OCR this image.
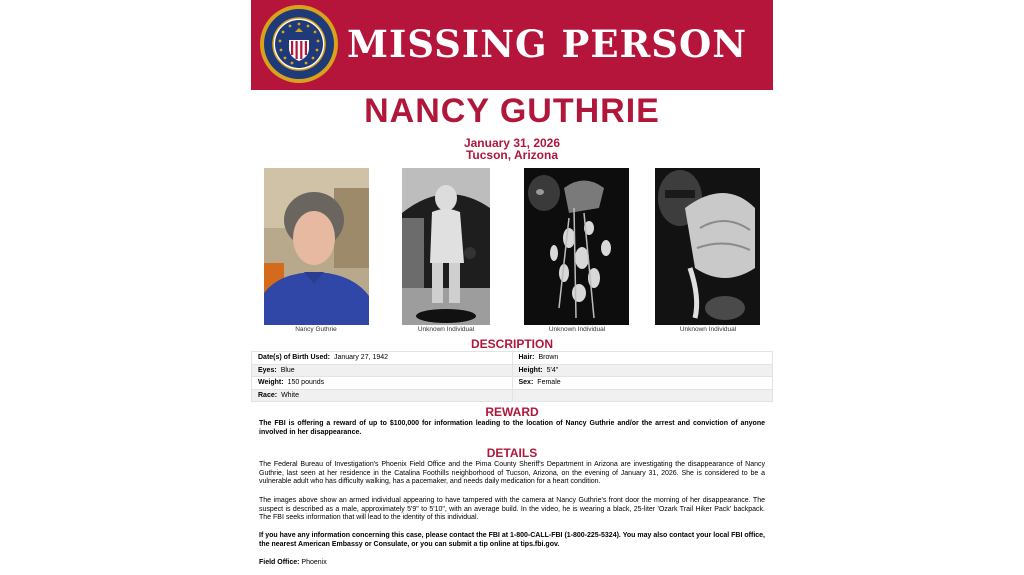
MISSING PERSON
NANCY GUTHRIE
January 31, 2026
Tucson, Arizona
Nancy Guthrie	Unknown Individual	Unknown Individual	Unknown Individual
DESCRIPTION
Date(s) of Birth Used: January 27, 1942	Hair: Brown
Eyes: Blue	Height: 5'4"
Weight: 150 pounds	Sex: Female
Race: White	
REWARD
The FBI is offering a reward of up to $100,000 for information leading to the location of Nancy Guthrie and/or the arrest and conviction of anyone involved in her disappearance.
DETAILS
The Federal Bureau of Investigation's Phoenix Field Office and the Pima County Sheriff's Department in Arizona are investigating the disappearance of Nancy Guthrie, last seen at her residence in the Catalina Foothills neighborhood of Tucson, Arizona, on the evening of January 31, 2026. She is considered to be a vulnerable adult who has difficulty walking, has a pacemaker, and needs daily medication for a heart condition.
The images above show an armed individual appearing to have tampered with the camera at Nancy Guthrie's front door the morning of her disappearance. The suspect is described as a male, approximately 5'9" to 5'10", with an average build. In the video, he is wearing a black, 25-liter 'Ozark Trail Hiker Pack' backpack. The FBI seeks information that will lead to the identity of this individual.
If you have any information concerning this case, please contact the FBI at 1-800-CALL-FBI (1-800-225-5324). You may also contact your local FBI office, the nearest American Embassy or Consulate, or you can submit a tip online at tips.fbi.gov.
Field Office: Phoenix
